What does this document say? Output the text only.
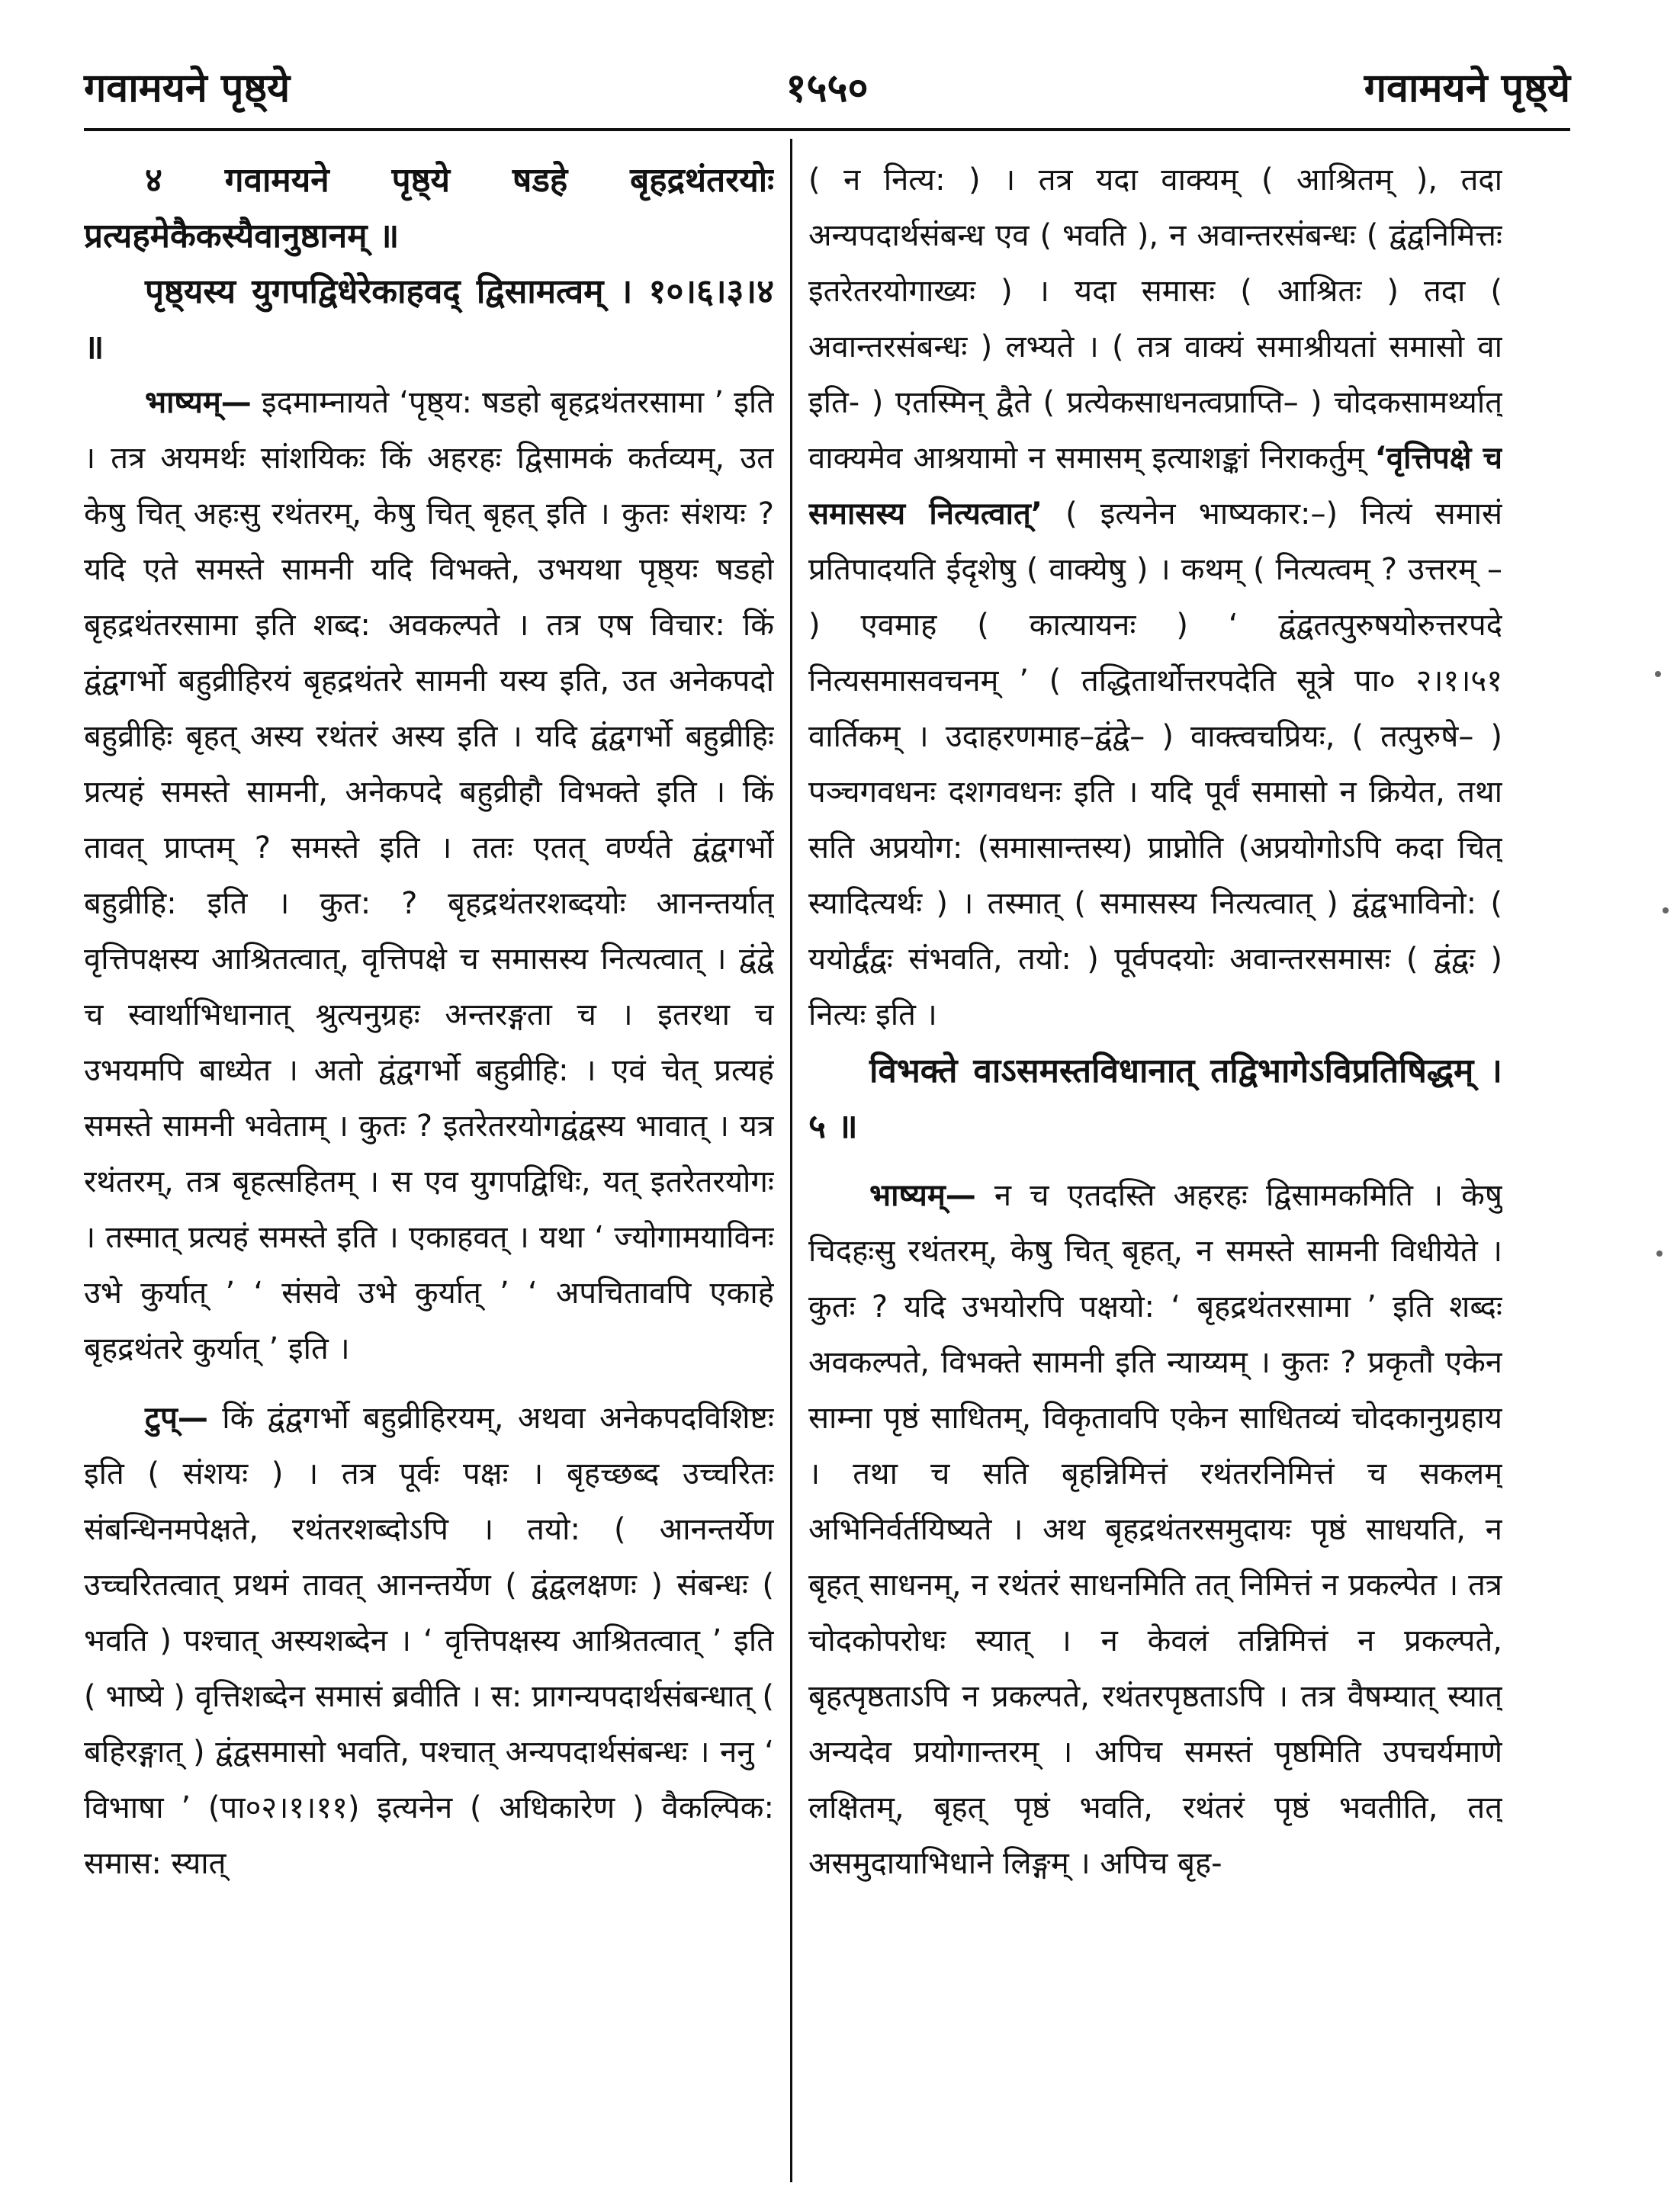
गवामयने पृष्ठ्ये	१५५०	गवामयने पृष्ठ्ये

४ गवामयने पृष्ठ्ये षडहे बृहद्रथंतरयोः प्रत्यहमेकैकस्यैवानुष्ठानम् ॥

पृष्ठ्यस्य युगपद्विधेरेकाहवद् द्विसामत्वम् । १०।६।३।४ ॥

भाष्यम्— इदमाम्नायते ‘पृष्ठ्य: षडहो बृहद्रथंतरसामा ’ इति । तत्र अयमर्थः सांशयिकः किं अहरहः द्विसामकं कर्तव्यम्, उत केषु चित् अहःसु रथंतरम्, केषु चित् बृहत् इति । कुतः संशयः ? यदि एते समस्ते सामनी यदि विभक्ते, उभयथा पृष्ठ्यः षडहो बृहद्रथंतरसामा इति शब्द: अवकल्पते । तत्र एष विचार: किं द्वंद्वगर्भो बहुव्रीहिरयं बृहद्रथंतरे सामनी यस्य इति, उत अनेकपदो बहुव्रीहिः बृहत् अस्य रथंतरं अस्य इति । यदि द्वंद्वगर्भो बहुव्रीहिः प्रत्यहं समस्ते सामनी, अनेकपदे बहुव्रीहौ विभक्ते इति । किं तावत् प्राप्तम् ? समस्ते इति । ततः एतत् वर्ण्यते द्वंद्वगर्भो बहुव्रीहि: इति । कुत: ? बृहद्रथंतरशब्दयोः आनन्तर्यात् वृत्तिपक्षस्य आश्रितत्वात्, वृत्तिपक्षे च समासस्य नित्यत्वात् । द्वंद्वे च स्वार्थाभिधानात् श्रुत्यनुग्रहः अन्तरङ्गता च । इतरथा च उभयमपि बाध्येत । अतो द्वंद्वगर्भो बहुव्रीहि: । एवं चेत् प्रत्यहं समस्ते सामनी भवेताम् । कुतः ? इतरेतरयोगद्वंद्वस्य भावात् । यत्र रथंतरम्, तत्र बृहत्सहितम् । स एव युगपद्विधिः, यत् इतरेतरयोगः । तस्मात् प्रत्यहं समस्ते इति । एकाहवत् । यथा ‘ ज्योगामयाविनः उभे कुर्यात् ’ ‘ संसवे उभे कुर्यात् ’ ‘ अपचितावपि एकाहे बृहद्रथंतरे कुर्यात् ’ इति ।

टुप्— किं द्वंद्वगर्भो बहुव्रीहिरयम्, अथवा अनेकपदविशिष्टः इति ( संशयः ) । तत्र पूर्वः पक्षः । बृहच्छब्द उच्चरितः संबन्धिनमपेक्षते, रथंतरशब्दोऽपि । तयो: ( आनन्तर्येण उच्चरितत्वात् प्रथमं तावत् आनन्तर्येण ( द्वंद्वलक्षणः ) संबन्धः ( भवति ) पश्चात् अस्यशब्देन । ‘ वृत्तिपक्षस्य आश्रितत्वात् ’ इति ( भाष्ये ) वृत्तिशब्देन समासं ब्रवीति । स: प्रागन्यपदार्थसंबन्धात् ( बहिरङ्गात् ) द्वंद्वसमासो भवति, पश्चात् अन्यपदार्थसंबन्धः । ननु ‘ विभाषा ’ (पा०२।१।११) इत्यनेन ( अधिकारेण ) वैकल्पिक: समास: स्यात्

( न नित्य: ) । तत्र यदा वाक्यम् ( आश्रितम् ), तदा अन्यपदार्थसंबन्ध एव ( भवति ), न अवान्तरसंबन्धः ( द्वंद्वनिमित्तः इतरेतरयोगाख्यः ) । यदा समासः ( आश्रितः ) तदा ( अवान्तरसंबन्धः ) लभ्यते । ( तत्र वाक्यं समाश्रीयतां समासो वा इति- ) एतस्मिन् द्वैते ( प्रत्येकसाधनत्वप्राप्ति– ) चोदकसामर्थ्यात् वाक्यमेव आश्रयामो न समासम् इत्याशङ्कां निराकर्तुम् ‘वृत्तिपक्षे च समासस्य नित्यत्वात्’ ( इत्यनेन भाष्यकार:–) नित्यं समासं प्रतिपादयति ईदृशेषु ( वाक्येषु ) । कथम् ( नित्यत्वम् ? उत्तरम् – ) एवमाह ( कात्यायनः ) ‘ द्वंद्वतत्पुरुषयोरुत्तरपदे नित्यसमासवचनम् ’ ( तद्धितार्थोत्तरपदेति सूत्रे पा० २।१।५१ वार्तिकम् । उदाहरणमाह–द्वंद्वे– ) वाक्त्वचप्रियः, ( तत्पुरुषे– ) पञ्चगवधनः दशगवधनः इति । यदि पूर्वं समासो न क्रियेत, तथा सति अप्रयोग: (समासान्तस्य) प्राप्नोति (अप्रयोगोऽपि कदा चित् स्यादित्यर्थः ) । तस्मात् ( समासस्य नित्यत्वात् ) द्वंद्वभाविनो: ( ययोर्द्वंद्वः संभवति, तयो: ) पूर्वपदयोः अवान्तरसमासः ( द्वंद्वः ) नित्यः इति ।

विभक्ते वाऽसमस्तविधानात् तद्विभागेऽविप्रतिषिद्धम् । ५ ॥

भाष्यम्— न च एतदस्ति अहरहः द्विसामकमिति । केषु चिदहःसु रथंतरम्, केषु चित् बृहत्, न समस्ते सामनी विधीयेते । कुतः ? यदि उभयोरपि पक्षयो: ‘ बृहद्रथंतरसामा ’ इति शब्दः अवकल्पते, विभक्ते सामनी इति न्याय्यम् । कुतः ? प्रकृतौ एकेन साम्ना पृष्ठं साधितम्, विकृतावपि एकेन साधितव्यं चोदकानुग्रहाय । तथा च सति बृहन्निमित्तं रथंतरनिमित्तं च सकलम् अभिनिर्वर्तयिष्यते । अथ बृहद्रथंतरसमुदायः पृष्ठं साधयति, न बृहत् साधनम्, न रथंतरं साधनमिति तत् निमित्तं न प्रकल्पेत । तत्र चोदकोपरोधः स्यात् । न केवलं तन्निमित्तं न प्रकल्पते, बृहत्पृष्ठताऽपि न प्रकल्पते, रथंतरपृष्ठताऽपि । तत्र वैषम्यात् स्यात् अन्यदेव प्रयोगान्तरम् । अपिच समस्तं पृष्ठमिति उपचर्यमाणे लक्षितम्, बृहत् पृष्ठं भवति, रथंतरं पृष्ठं भवतीति, तत् असमुदायाभिधाने लिङ्गम् । अपिच बृह-
